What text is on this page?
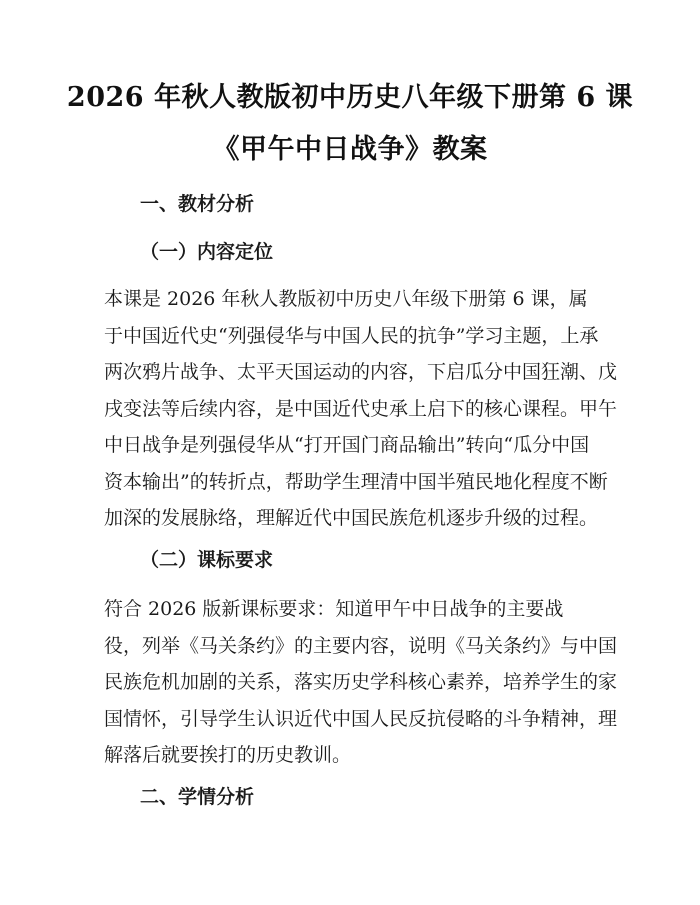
2026 年秋人教版初中历史八年级下册第 6 课
《甲午中日战争》教案
一、教材分析
（一）内容定位

本课是 2026 年秋人教版初中历史八年级下册第 6 课，属
于中国近代史“列强侵华与中国人民的抗争”学习主题，上承
两次鸦片战争、太平天国运动的内容，下启瓜分中国狂潮、戊
戌变法等后续内容，是中国近代史承上启下的核心课程。甲午
中日战争是列强侵华从“打开国门商品输出”转向“瓜分中国
资本输出”的转折点，帮助学生理清中国半殖民地化程度不断
加深的发展脉络，理解近代中国民族危机逐步升级的过程。

（二）课标要求

符合 2026 版新课标要求：知道甲午中日战争的主要战
役，列举《马关条约》的主要内容，说明《马关条约》与中国
民族危机加剧的关系，落实历史学科核心素养，培养学生的家
国情怀，引导学生认识近代中国人民反抗侵略的斗争精神，理
解落后就要挨打的历史教训。

二、学情分析
